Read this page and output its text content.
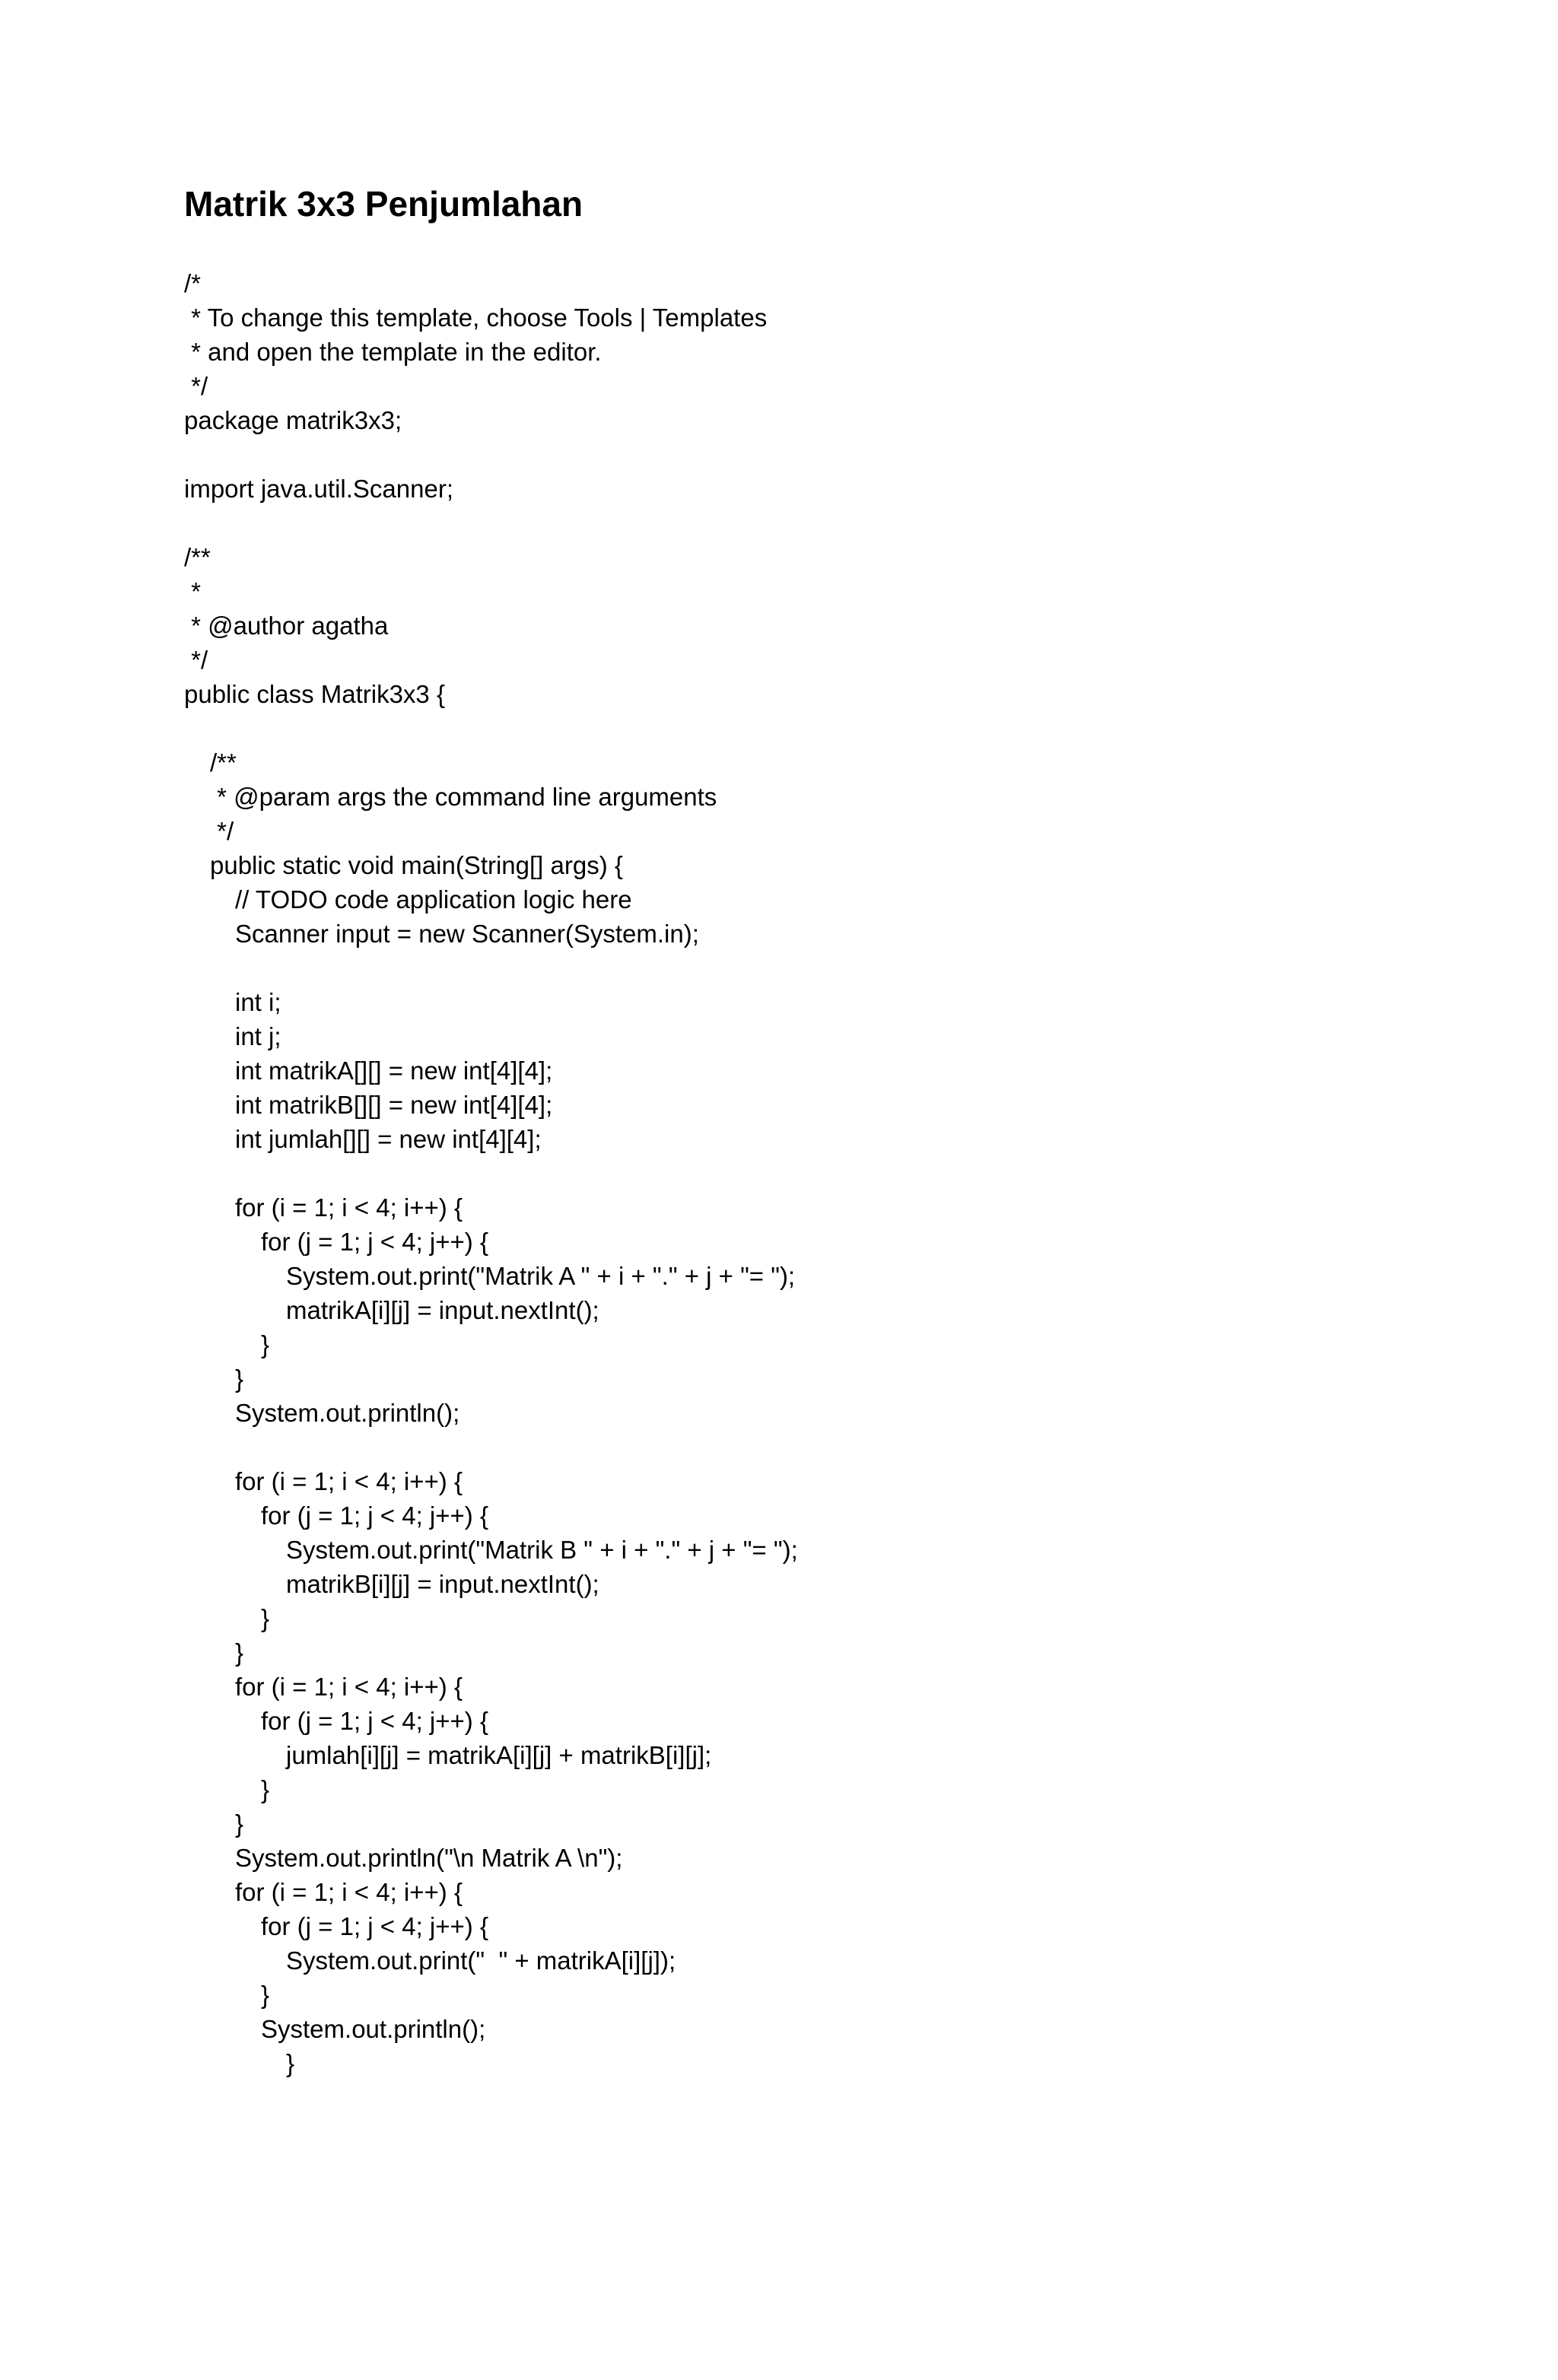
Matrik 3x3 Penjumlahan
/*
* To change this template, choose Tools | Templates
* and open the template in the editor.
*/
package matrik3x3;
import java.util.Scanner;
/**
*
* @author agatha
*/
public class Matrik3x3 {
/**
* @param args the command line arguments
*/
public static void main(String[] args) {
// TODO code application logic here
Scanner input = new Scanner(System.in);
int i;
int j;
int matrikA[][] = new int[4][4];
int matrikB[][] = new int[4][4];
int jumlah[][] = new int[4][4];
for (i = 1; i < 4; i++) {
for (j = 1; j < 4; j++) {
System.out.print("Matrik A " + i + "." + j + "= ");
matrikA[i][j] = input.nextInt();
}
}
System.out.println();
for (i = 1; i < 4; i++) {
for (j = 1; j < 4; j++) {
System.out.print("Matrik B " + i + "." + j + "= ");
matrikB[i][j] = input.nextInt();
}
}
for (i = 1; i < 4; i++) {
for (j = 1; j < 4; j++) {
jumlah[i][j] = matrikA[i][j] + matrikB[i][j];
}
}
System.out.println("\n Matrik A \n");
for (i = 1; i < 4; i++) {
for (j = 1; j < 4; j++) {
System.out.print("  " + matrikA[i][j]);
}
System.out.println();
}
